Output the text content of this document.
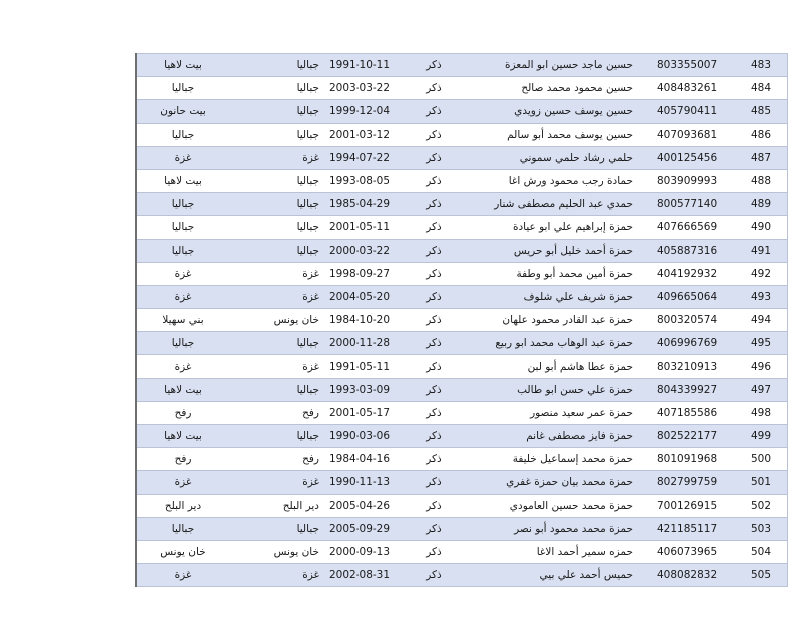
بيت لاهيا	جباليا	1991-10-11	ذكر	حسين ماجد حسين ابو المعزة	803355007	483
جباليا	جباليا	2003-03-22	ذكر	حسين محمود محمد صالح	408483261	484
بيت حانون	جباليا	1999-12-04	ذكر	حسين يوسف حسين زويدي	405790411	485
جباليا	جباليا	2001-03-12	ذكر	حسين يوسف محمد أبو سالم	407093681	486
غزة	غزة	1994-07-22	ذكر	حلمي رشاد حلمي سموني	400125456	487
بيت لاهيا	جباليا	1993-08-05	ذكر	حمادة رجب محمود ورش اغا	803909993	488
جباليا	جباليا	1985-04-29	ذكر	حمدي عبد الحليم مصطفى شنار	800577140	489
جباليا	جباليا	2001-05-11	ذكر	حمزة إبراهيم علي ابو عيادة	407666569	490
جباليا	جباليا	2000-03-22	ذكر	حمزة أحمد خليل أبو حريس	405887316	491
غزة	غزة	1998-09-27	ذكر	حمزة أمين محمد أبو وطفة	404192932	492
غزة	غزة	2004-05-20	ذكر	حمزة شريف علي شلوف	409665064	493
بني سهيلا	خان يونس	1984-10-20	ذكر	حمزة عبد القادر محمود علهان	800320574	494
جباليا	جباليا	2000-11-28	ذكر	حمزة عبد الوهاب محمد ابو ربيع	406996769	495
غزة	غزة	1991-05-11	ذكر	حمزة عطا هاشم أبو لبن	803210913	496
بيت لاهيا	جباليا	1993-03-09	ذكر	حمزة علي حسن ابو طالب	804339927	497
رفح	رفح	2001-05-17	ذكر	حمزة عمر سعيد منصور	407185586	498
بيت لاهيا	جباليا	1990-03-06	ذكر	حمزة فايز مصطفى غانم	802522177	499
رفح	رفح	1984-04-16	ذكر	حمزة محمد إسماعيل خليفة	801091968	500
غزة	غزة	1990-11-13	ذكر	حمزة محمد بيان حمزة غفري	802799759	501
دير البلح	دير البلح	2005-04-26	ذكر	حمزة محمد حسين العامودي	700126915	502
جباليا	جباليا	2005-09-29	ذكر	حمزة محمد محمود أبو نصر	421185117	503
خان يونس	خان يونس	2000-09-13	ذكر	حمزه سمير أحمد الاغا	406073965	504
غزة	غزة	2002-08-31	ذكر	حميس أحمد علي بيي	408082832	505
